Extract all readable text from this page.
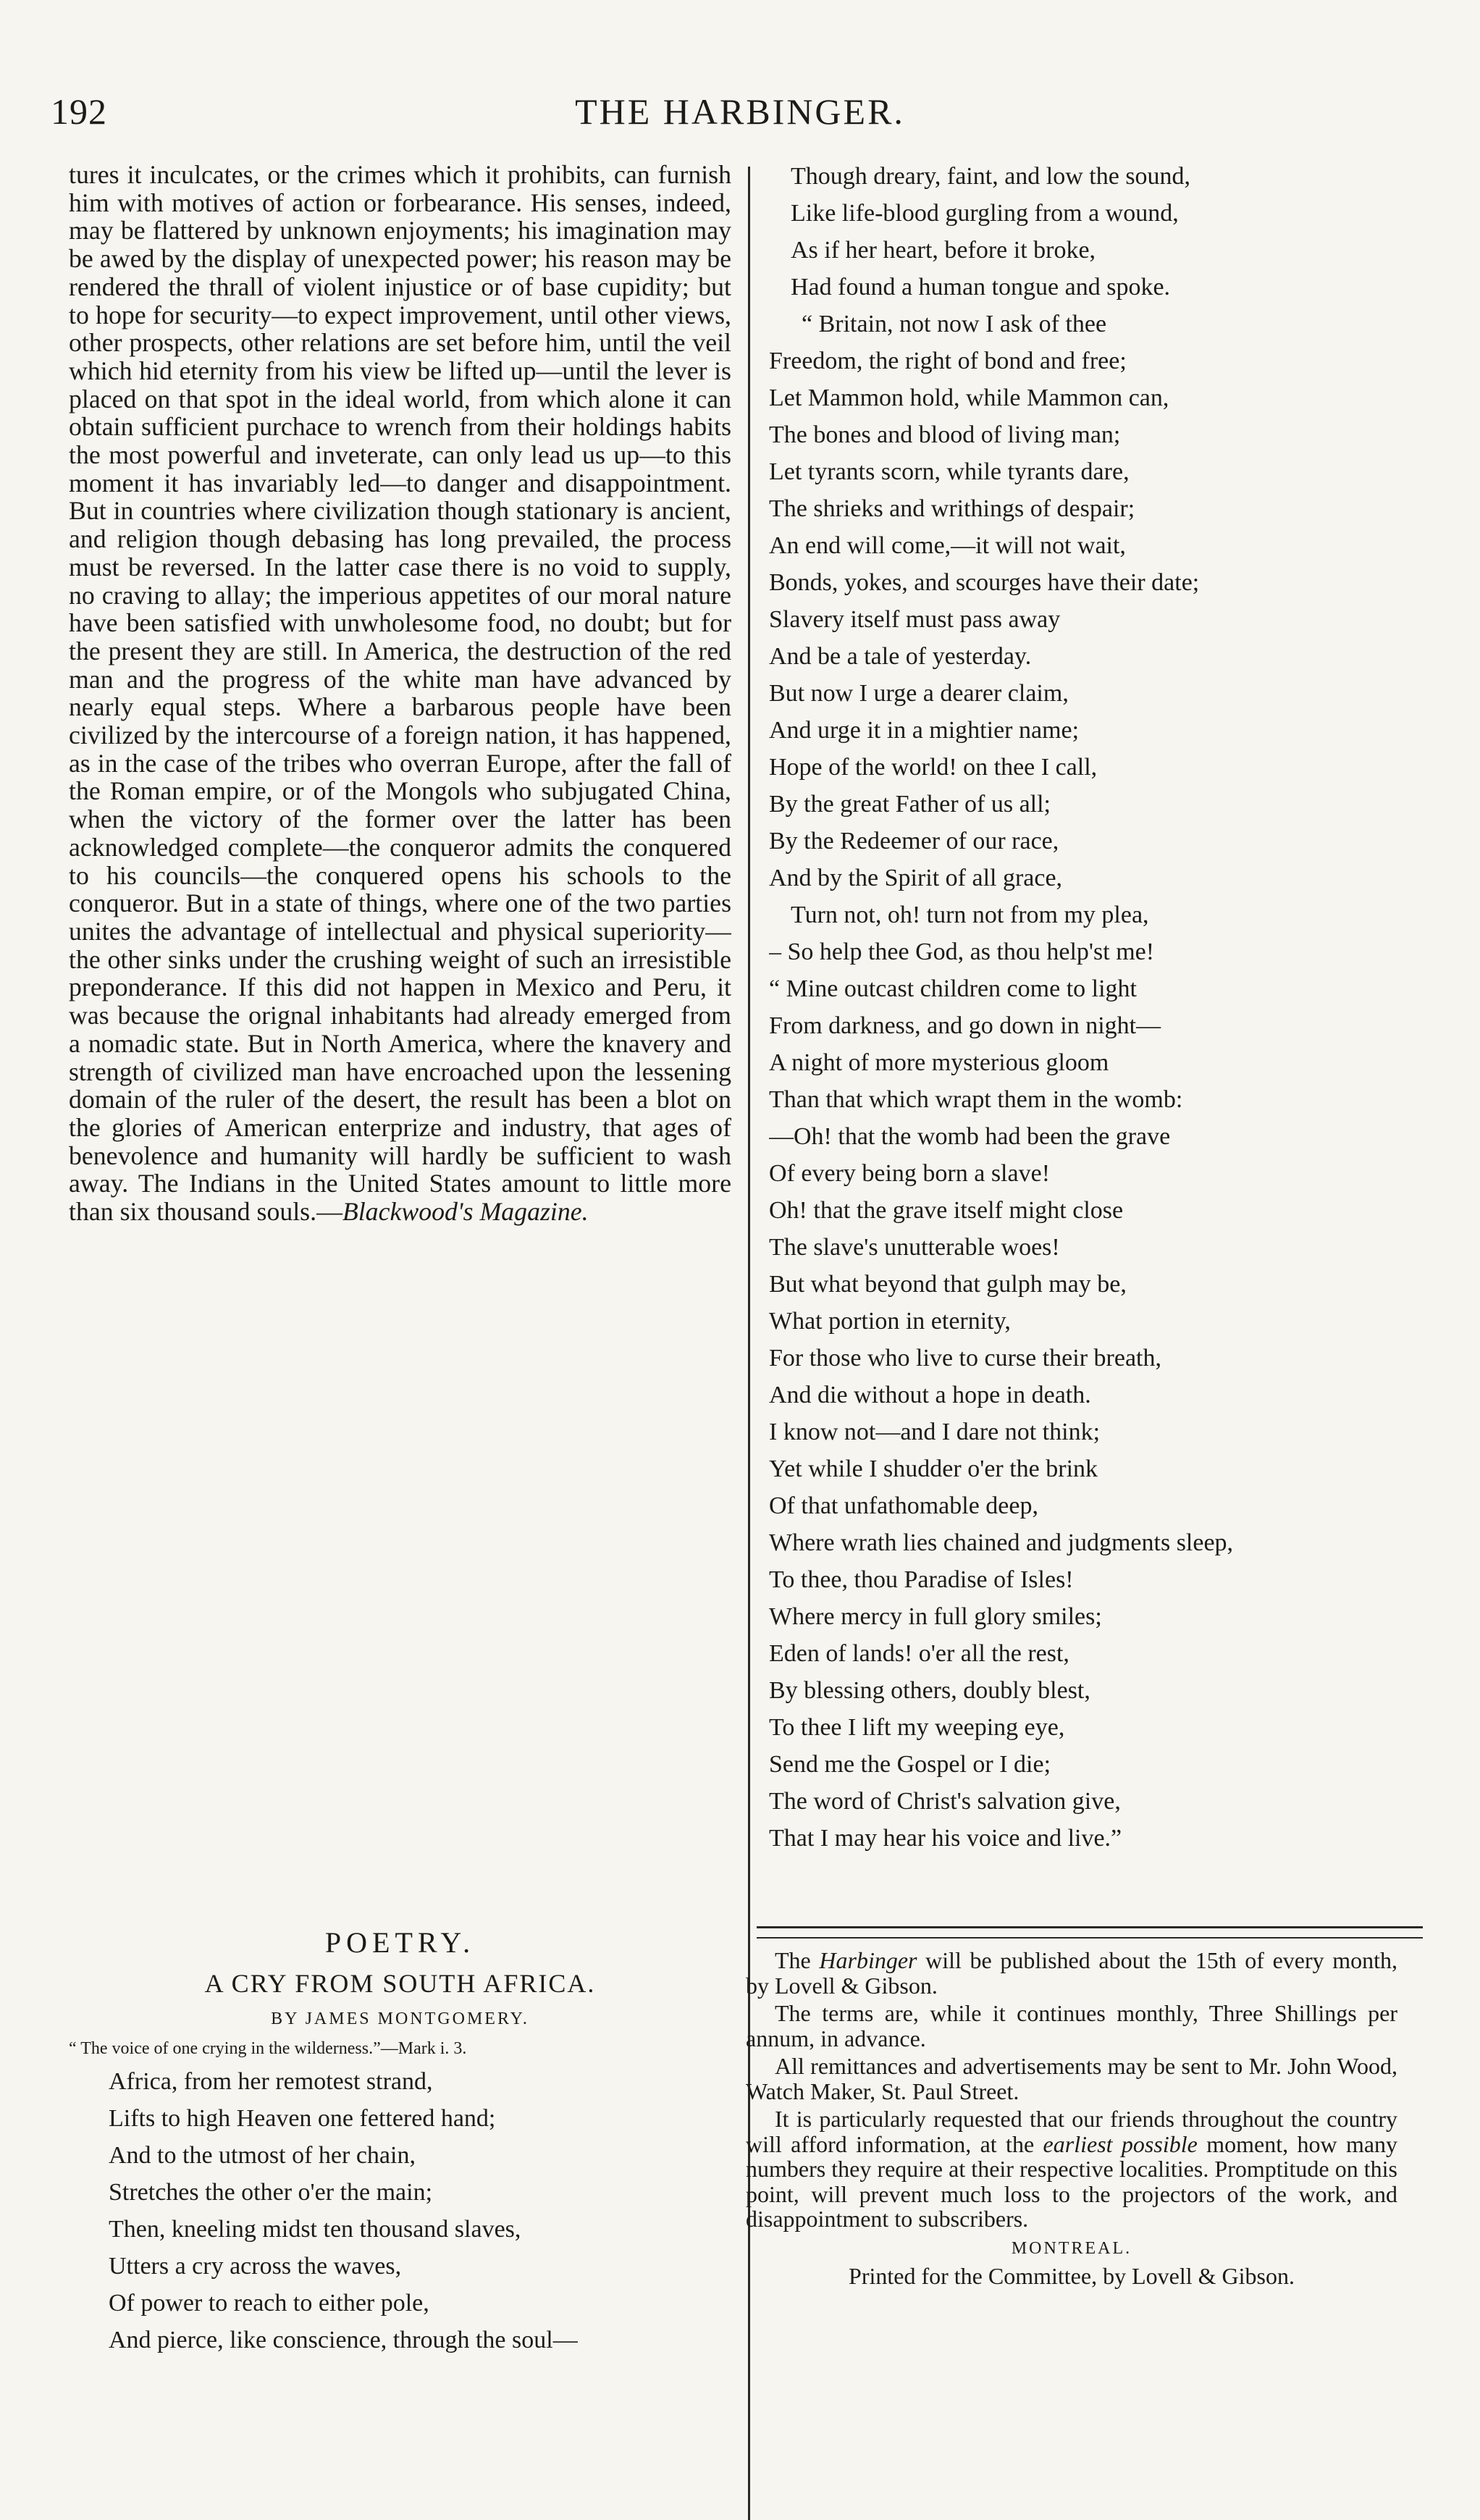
192	THE HARBINGER.

tures it inculcates, or the crimes which it prohibits, can furnish him with motives of action or forbearance. His senses, indeed, may be flattered by unknown enjoyments; his imagination may be awed by the display of unexpected power; his reason may be rendered the thrall of violent injustice or of base cupidity; but to hope for security—to expect improvement, until other views, other prospects, other relations are set before him, until the veil which hid eternity from his view be lifted up—until the lever is placed on that spot in the ideal world, from which alone it can obtain sufficient purchace to wrench from their holdings habits the most powerful and inveterate, can only lead us up—to this moment it has invariably led—to danger and disappointment. But in countries where civilization though stationary is ancient, and religion though debasing has long prevailed, the process must be reversed. In the latter case there is no void to supply, no craving to allay; the imperious appetites of our moral nature have been satisfied with unwholesome food, no doubt; but for the present they are still. In America, the destruction of the red man and the progress of the white man have advanced by nearly equal steps. Where a barbarous people have been civilized by the intercourse of a foreign nation, it has happened, as in the case of the tribes who overran Europe, after the fall of the Roman empire, or of the Mongols who subjugated China, when the victory of the former over the latter has been acknowledged complete—the conqueror admits the conquered to his councils—the conquered opens his schools to the conqueror. But in a state of things, where one of the two parties unites the advantage of intellectual and physical superiority—the other sinks under the crushing weight of such an irresistible preponderance. If this did not happen in Mexico and Peru, it was because the orignal inhabitants had already emerged from a nomadic state. But in North America, where the knavery and strength of civilized man have encroached upon the lessening domain of the ruler of the desert, the result has been a blot on the glories of American enterprize and industry, that ages of benevolence and humanity will hardly be sufficient to wash away. The Indians in the United States amount to little more than six thousand souls.—Blackwood's Magazine.

POETRY.

A CRY FROM SOUTH AFRICA.

BY JAMES MONTGOMERY.

“ The voice of one crying in the wilderness.”—Mark i. 3.

Africa, from her remotest strand,
Lifts to high Heaven one fettered hand;
And to the utmost of her chain,
Stretches the other o'er the main;
Then, kneeling midst ten thousand slaves,
Utters a cry across the waves,
Of power to reach to either pole,
And pierce, like conscience, through the soul—
Though dreary, faint, and low the sound,
Like life-blood gurgling from a wound,
As if her heart, before it broke,
Had found a human tongue and spoke.
“ Britain, not now I ask of thee
Freedom, the right of bond and free;
Let Mammon hold, while Mammon can,
The bones and blood of living man;
Let tyrants scorn, while tyrants dare,
The shrieks and writhings of despair;
An end will come,—it will not wait,
Bonds, yokes, and scourges have their date;
Slavery itself must pass away
And be a tale of yesterday.
But now I urge a dearer claim,
And urge it in a mightier name;
Hope of the world! on thee I call,
By the great Father of us all;
By the Redeemer of our race,
And by the Spirit of all grace,
Turn not, oh! turn not from my plea,
– So help thee God, as thou help'st me!
“ Mine outcast children come to light
From darkness, and go down in night—
A night of more mysterious gloom
Than that which wrapt them in the womb:
—Oh! that the womb had been the grave
Of every being born a slave!
Oh! that the grave itself might close
The slave's unutterable woes!
But what beyond that gulph may be,
What portion in eternity,
For those who live to curse their breath,
And die without a hope in death.
I know not—and I dare not think;
Yet while I shudder o'er the brink
Of that unfathomable deep,
Where wrath lies chained and judgments sleep,
To thee, thou Paradise of Isles!
Where mercy in full glory smiles;
Eden of lands! o'er all the rest,
By blessing others, doubly blest,
To thee I lift my weeping eye,
Send me the Gospel or I die;
The word of Christ's salvation give,
That I may hear his voice and live.”

The Harbinger will be published about the 15th of every month, by Lovell & Gibson.

The terms are, while it continues monthly, Three Shillings per annum, in advance.

All remittances and advertisements may be sent to Mr. John Wood, Watch Maker, St. Paul Street.

It is particularly requested that our friends throughout the country will afford information, at the earliest possible moment, how many numbers they require at their respective localities. Promptitude on this point, will prevent much loss to the projectors of the work, and disappointment to subscribers.

MONTREAL.

Printed for the Committee, by Lovell & Gibson.
